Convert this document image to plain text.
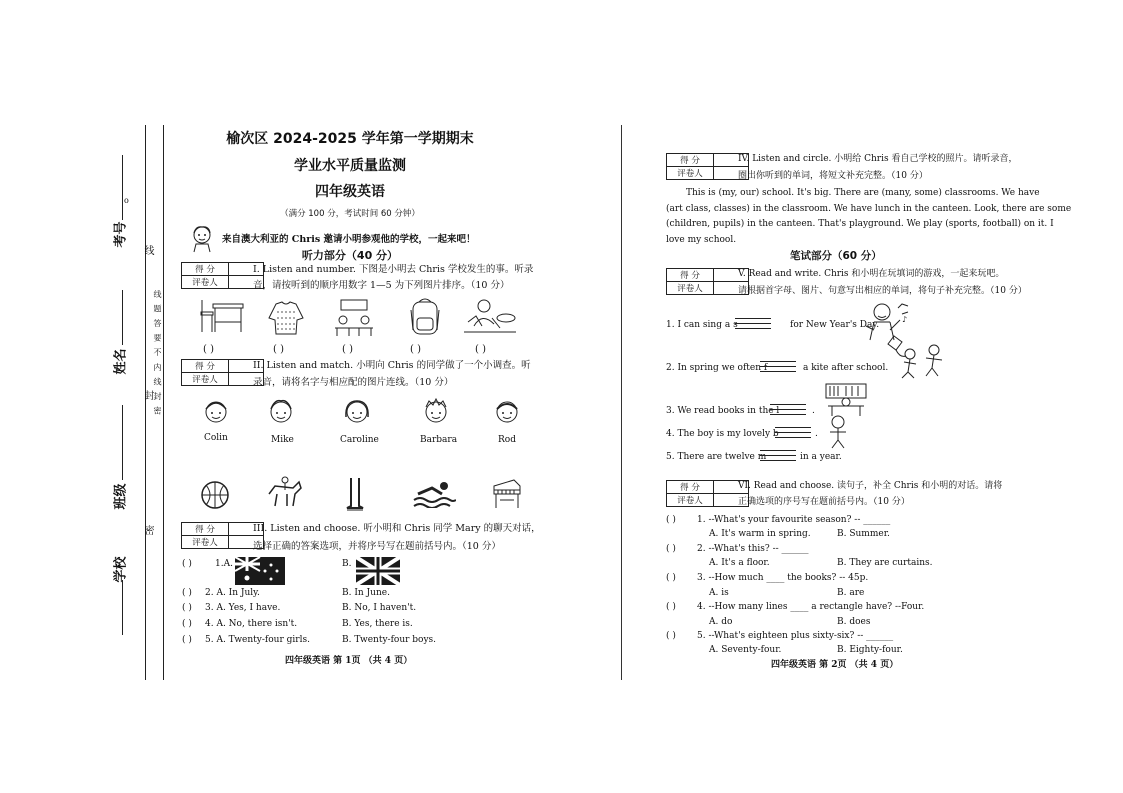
考号
姓名
班级
学校
o
密
封
线
线 题 答 要 不 内 线 封 密
榆次区 2024-2025 学年第一学期期末
学业水平质量监测
四年级英语
（满分 100 分，考试时间 60 分钟）
来自澳大利亚的 Chris 邀请小明参观他的学校，一起来吧！
听力部分（40 分）
得 分	
评卷人	
I. Listen and number. 下图是小明去 Chris 学校发生的事。听录
音，请按听到的顺序用数字 1—5 为下列图片排序。（10 分）
( )	( )	( )	( )	( )
得 分	
评卷人	
II. Listen and match. 小明向 Chris 的同学做了一个小调查。听
录音，请将名字与相应配的图片连线。（10 分）
Colin	Mike	Caroline	Barbara	Rod
得 分	
评卷人	
III. Listen and choose. 听小明和 Chris 同学 Mary 的聊天对话，
选择正确的答案选项，并将序号写在题前括号内。（10 分）
( )	1.A.	B.
( ) 2. A. In July.	B. In June.
( ) 3. A. Yes, I have.	B. No, I haven't.
( ) 4. A. No, there isn't.	B. Yes, there is.
( ) 5. A. Twenty-four girls.	B. Twenty-four boys.
四年级英语 第 1页 （共 4 页）
得 分	
评卷人	
IV. Listen and circle. 小明给 Chris 看自己学校的照片。请听录音，
圈出你听到的单词，将短文补充完整。（10 分）
This is (my, our) school. It's big. There are (many, some) classrooms. We have
(art class, classes) in the classroom. We have lunch in the canteen. Look, there are some
(children, pupils) in the canteen. That's playground. We play (sports, football) on it. I
love my school.
笔试部分（60 分）
得 分	
评卷人	
V. Read and write. Chris 和小明在玩填词的游戏，一起来玩吧。
请根据首字母、图片、句意写出相应的单词，将句子补充完整。（10 分）
1. I can sing a s	for New Year's Day.
♪
2. In spring we often f	a kite after school.
3. We read books in the l	.
4. The boy is my lovely b	.
5. There are twelve m	in a year.
得 分	
评卷人	
VI. Read and choose. 读句子，补全 Chris 和小明的对话。请将
正确选项的序号写在题前括号内。（10 分）
( ) 1. --What's your favourite season? -- ______
A. It's warm in spring.	B. Summer.
( ) 2. --What's this? -- ______
A. It's a floor.	B. They are curtains.
( ) 3. --How much ____ the books? -- 45p.
A. is	B. are
( ) 4. --How many lines ____ a rectangle have? --Four.
A. do	B. does
( ) 5. --What's eighteen plus sixty-six? -- ______
A. Seventy-four.	B. Eighty-four.
四年级英语 第 2页 （共 4 页）
